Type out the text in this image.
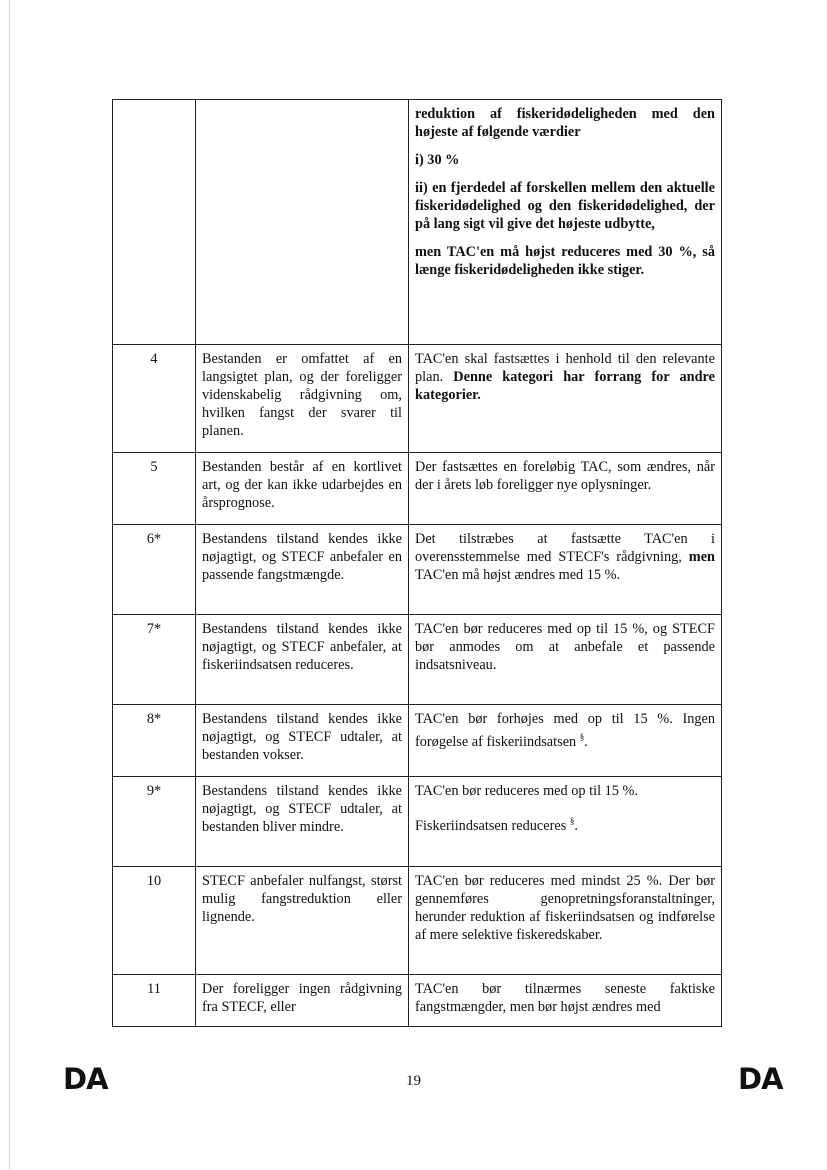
		reduktion af fiskeridødeligheden med den højeste af følgende værdier

i) 30 %

ii) en fjerdedel af forskellen mellem den aktuelle fiskeridødelighed og den fiskeridødelighed, der på lang sigt vil give det højeste udbytte,

men TAC'en må højst reduceres med 30 %, så længe fiskeridødeligheden ikke stiger.

4	Bestanden er omfattet af en langsigtet plan, og der foreligger videnskabelig rådgivning om, hvilken fangst der svarer til planen.	TAC'en skal fastsættes i henhold til den relevante plan. Denne kategori har forrang for andre kategorier.
5	Bestanden består af en kortlivet art, og der kan ikke udarbejdes en årsprognose.	Der fastsættes en foreløbig TAC, som ændres, når der i årets løb foreligger nye oplysninger.
6*	Bestandens tilstand kendes ikke nøjagtigt, og STECF anbefaler en passende fangstmængde.	Det tilstræbes at fastsætte TAC'en i overensstemmelse med STECF's rådgivning, men TAC'en må højst ændres med 15 %.
7*	Bestandens tilstand kendes ikke nøjagtigt, og STECF anbefaler, at fiskeriindsatsen reduceres.	TAC'en bør reduceres med op til 15 %, og STECF bør anmodes om at anbefale et passende indsatsniveau.
8*	Bestandens tilstand kendes ikke nøjagtigt, og STECF udtaler, at bestanden vokser.	TAC'en bør forhøjes med op til 15 %. Ingen forøgelse af fiskeriindsatsen §.
9*	Bestandens tilstand kendes ikke nøjagtigt, og STECF udtaler, at bestanden bliver mindre.	TAC'en bør reduceres med op til 15 %.

Fiskeriindsatsen reduceres §.

10	STECF anbefaler nulfangst, størst mulig fangstreduktion eller lignende.	TAC'en bør reduceres med mindst 25 %. Der bør gennemføres genopretningsforanstaltninger, herunder reduktion af fiskeriindsatsen og indførelse af mere selektive fiskeredskaber.
11	Der foreligger ingen rådgivning fra STECF, eller	TAC'en bør tilnærmes seneste faktiske fangstmængder, men bør højst ændres med
DA	19	DA
